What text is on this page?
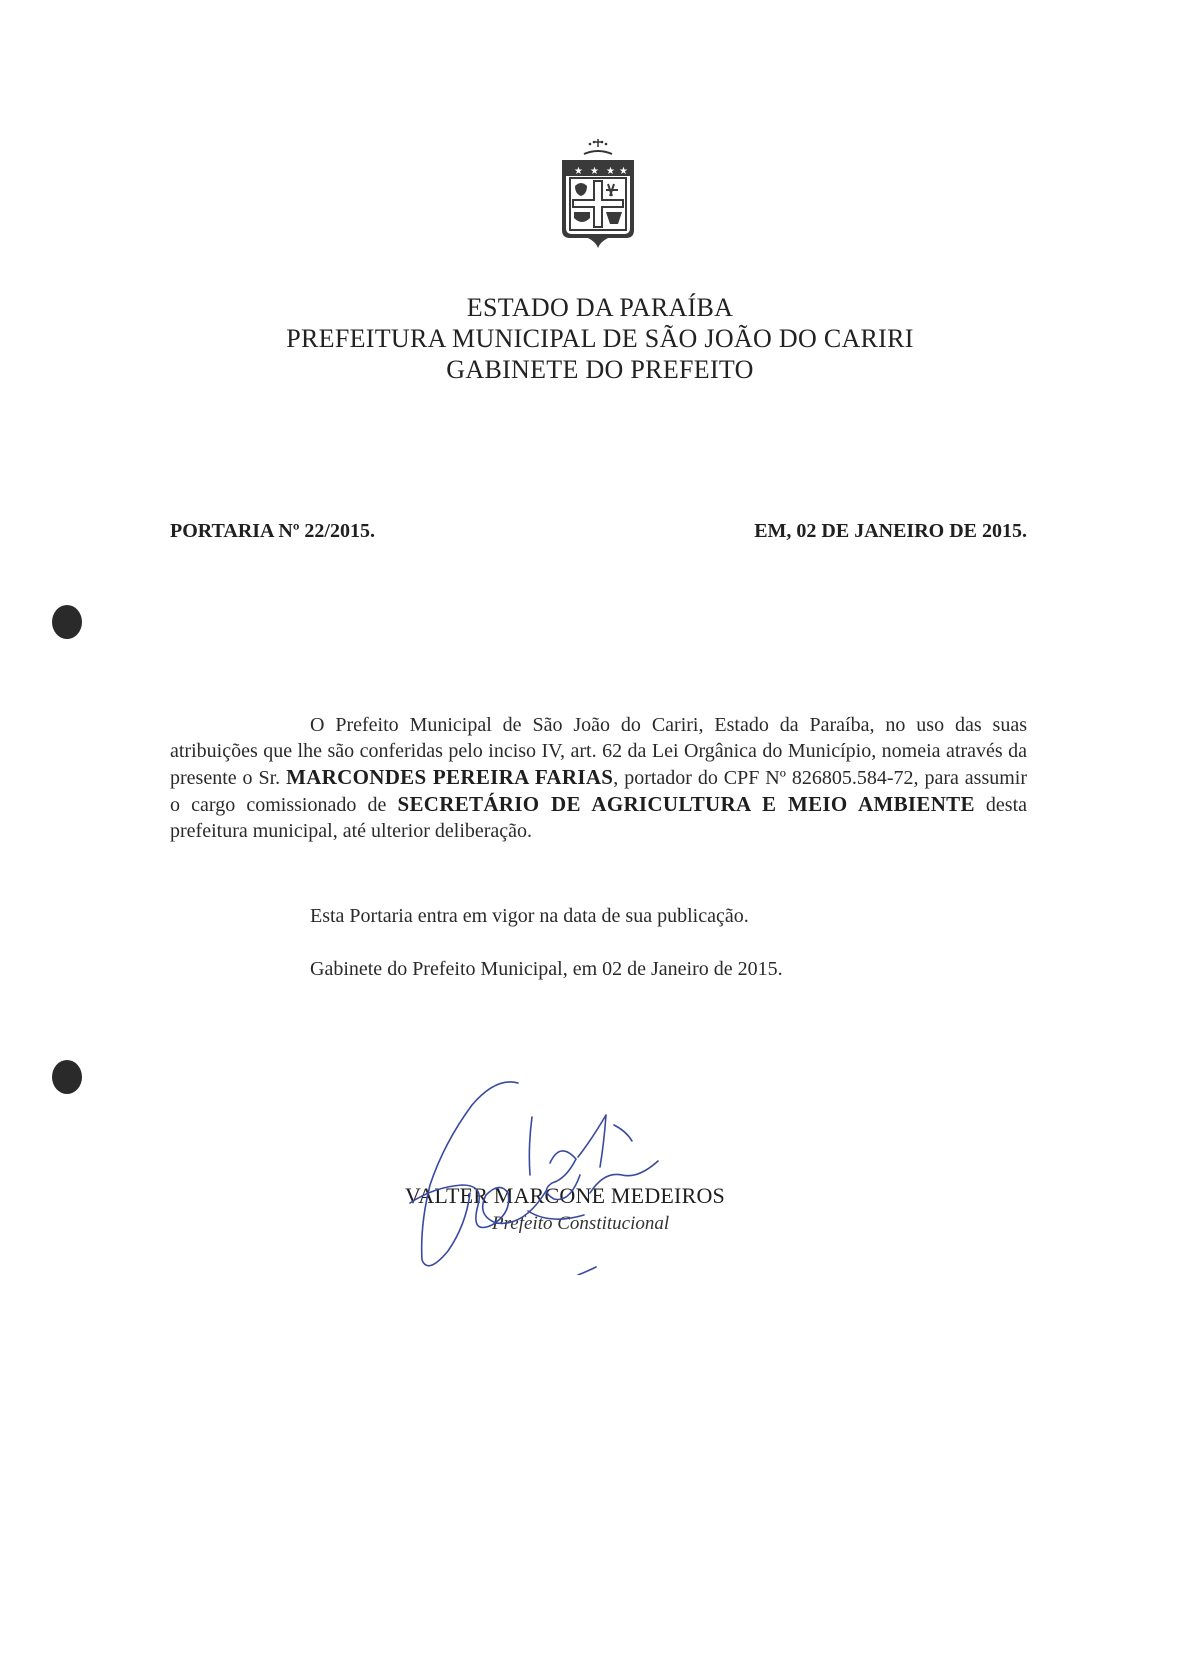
★ ★ ★ ★
ESTADO DA PARAÍBA
PREFEITURA MUNICIPAL DE SÃO JOÃO DO CARIRI
GABINETE DO PREFEITO
PORTARIA Nº 22/2015.	EM, 02 DE JANEIRO DE 2015.
O Prefeito Municipal de São João do Cariri, Estado da Paraíba, no uso das suas atribuições que lhe são conferidas pelo inciso IV, art. 62 da Lei Orgânica do Município, nomeia através da presente o Sr. MARCONDES PEREIRA FARIAS, portador do CPF Nº 826805.584-72, para assumir o cargo comissionado de SECRETÁRIO DE AGRICULTURA E MEIO AMBIENTE desta prefeitura municipal, até ulterior deliberação.
Esta Portaria entra em vigor na data de sua publicação.
Gabinete do Prefeito Municipal, em 02 de Janeiro de 2015.
VALTER MARCONE MEDEIROS
Prefeito Constitucional
